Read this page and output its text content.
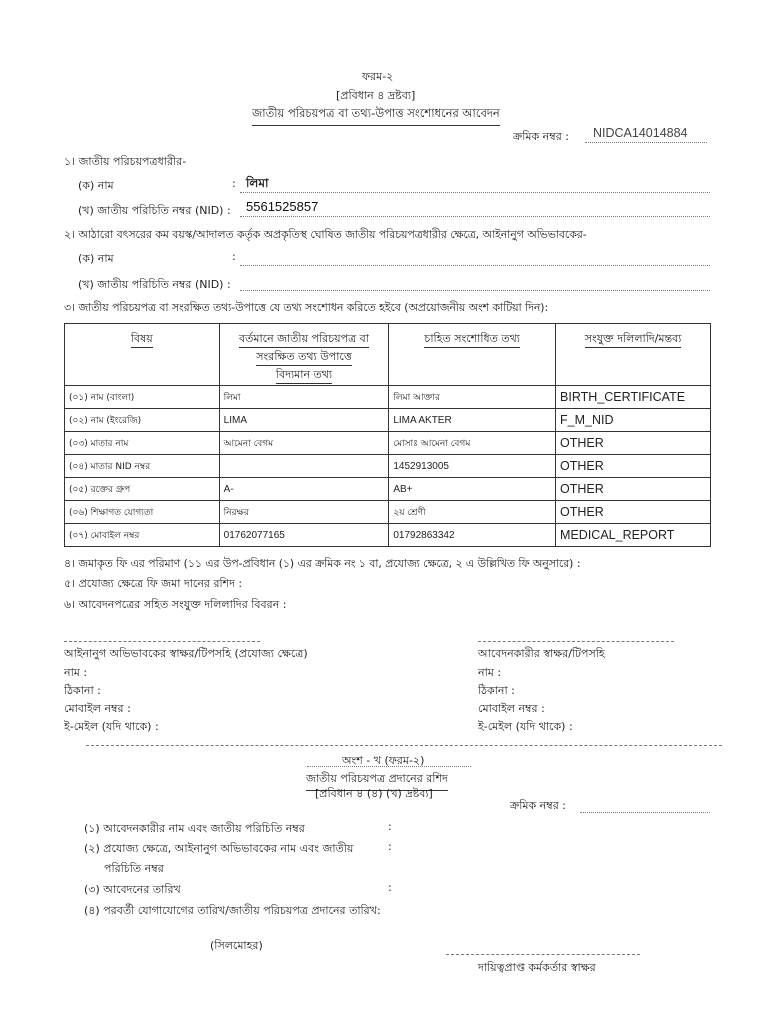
ফরম-২
[প্রবিধান ৪ দ্রষ্টব্য]
জাতীয় পরিচয়পত্র বা তথ্য-উপাত্ত সংশোধনের আবেদন
ক্রমিক নম্বর : NIDCA14014884
১। জাতীয় পরিচয়পত্রধারীর-
(ক) নাম	: লিমা
(খ) জাতীয় পরিচিতি নম্বর (NID) : 5561525857
২। আঠারো বৎসরের কম বয়স্ক/আদালত কর্তৃক অপ্রকৃতিস্থ ঘোষিত জাতীয় পরিচয়পত্রধারীর ক্ষেত্রে, আইনানুগ অভিভাবকের-
(ক) নাম	:
(খ) জাতীয় পরিচিতি নম্বর (NID) :
৩। জাতীয় পরিচয়পত্র বা সংরক্ষিত তথ্য-উপাত্তে যে তথ্য সংশোধন করিতে হইবে (অপ্রয়োজনীয় অংশ কাটিয়া দিন):
বিষয়	বর্তমানে জাতীয় পরিচয়পত্র বা
সংরক্ষিত তথ্য উপাত্তে
বিদ্যমান তথ্য	চাহিত সংশোধিত তথ্য	সংযুক্ত দলিলাদি/মন্তব্য
(০১) নাম (বাংলা)	লিমা	লিমা আক্তার	BIRTH_CERTIFICATE
(০২) নাম (ইংরেজি)	LIMA	LIMA AKTER	F_M_NID
(০৩) মাতার নাম	আমেনা বেগম	মোসাঃ আমেনা বেগম	OTHER
(০৪) মাতার NID নম্বর		1452913005	OTHER
(০৫) রক্তের গ্রুপ	A-	AB+	OTHER
(০৬) শিক্ষাগত যোগ্যতা	নিরক্ষর	২য় শ্রেণী	OTHER
(০৭) মোবাইল নম্বর	01762077165	01792863342	MEDICAL_REPORT
৪। জমাকৃত ফি এর পরিমাণ (১১ এর উপ-প্রবিধান (১) এর ক্রমিক নং ১ বা, প্রযোজ্য ক্ষেত্রে, ২ এ উল্লিখিত ফি অনুসারে) :
৫। প্রযোজ্য ক্ষেত্রে ফি জমা দানের রশিদ :
৬। আবেদনপত্রের সহিত সংযুক্ত দলিলাদির বিবরন :
আইনানুগ অভিভাবকের স্বাক্ষর/টিপসহি (প্রযোজ্য ক্ষেত্রে)
নাম :
ঠিকানা :
মোবাইল নম্বর :
ই-মেইল (যদি থাকে) :
আবেদনকারীর স্বাক্ষর/টিপসহি
নাম :
ঠিকানা :
মোবাইল নম্বর :
ই-মেইল (যদি থাকে) :
অংশ - খ (ফরম-২)
জাতীয় পরিচয়পত্র প্রদানের রশিদ
[প্রবিধান ৪ (৪) (খ) দ্রষ্টব্য]
ক্রমিক নম্বর :
(১) আবেদনকারীর নাম এবং জাতীয় পরিচিতি নম্বর	:
(২) প্রযোজ্য ক্ষেত্রে, আইনানুগ অভিভাবকের নাম এবং জাতীয়	:
পরিচিতি নম্বর
(৩) আবেদনের তারিখ	:
(৪) পরবর্তী যোগাযোগের তারিখ/জাতীয় পরিচয়পত্র প্রদানের তারিখ:
(সিলমোহর)
দায়িত্বপ্রাপ্ত কর্মকর্তার স্বাক্ষর
